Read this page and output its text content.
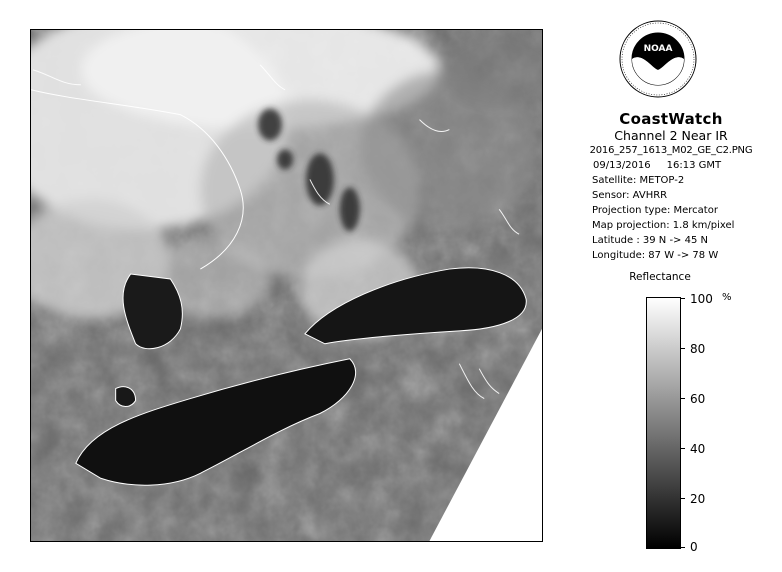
NOAA
CoastWatch
Channel 2 Near IR
2016_257_1613_M02_GE_C2.PNG
09/13/2016 16:13 GMT
Satellite: METOP-2
Sensor: AVHRR
Projection type: Mercator
Map projection: 1.8 km/pixel
Latitude : 39 N -> 45 N
Longitude: 87 W -> 78 W
Reflectance
%
100
80
60
40
20
0
